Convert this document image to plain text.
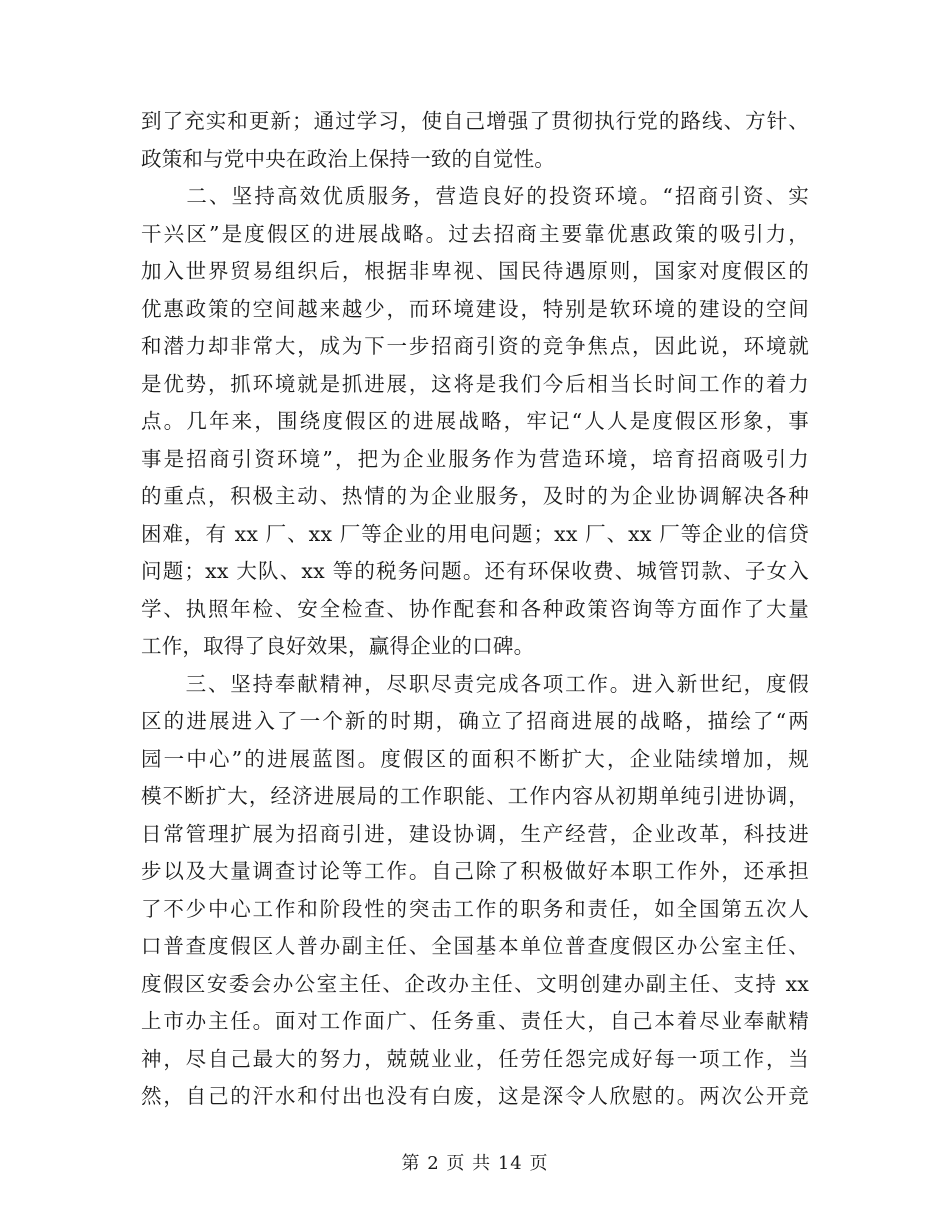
到了充实和更新；通过学习，使自己增强了贯彻执行党的路线、方针、
政策和与党中央在政治上保持一致的自觉性。
　　二、坚持高效优质服务，营造良好的投资环境。“招商引资、实
干兴区”是度假区的进展战略。过去招商主要靠优惠政策的吸引力，
加入世界贸易组织后，根据非卑视、国民待遇原则，国家对度假区的
优惠政策的空间越来越少，而环境建设，特别是软环境的建设的空间
和潜力却非常大，成为下一步招商引资的竞争焦点，因此说，环境就
是优势，抓环境就是抓进展，这将是我们今后相当长时间工作的着力
点。几年来，围绕度假区的进展战略，牢记“人人是度假区形象，事
事是招商引资环境”，把为企业服务作为营造环境，培育招商吸引力
的重点，积极主动、热情的为企业服务，及时的为企业协调解决各种
困难，有 xx 厂、xx 厂等企业的用电问题；xx 厂、xx 厂等企业的信贷
问题；xx 大队、xx 等的税务问题。还有环保收费、城管罚款、子女入
学、执照年检、安全检查、协作配套和各种政策咨询等方面作了大量
工作，取得了良好效果，赢得企业的口碑。
　　三、坚持奉献精神，尽职尽责完成各项工作。进入新世纪，度假
区的进展进入了一个新的时期，确立了招商进展的战略，描绘了“两
园一中心”的进展蓝图。度假区的面积不断扩大，企业陆续增加，规
模不断扩大，经济进展局的工作职能、工作内容从初期单纯引进协调，
日常管理扩展为招商引进，建设协调，生产经营，企业改革，科技进
步以及大量调查讨论等工作。自己除了积极做好本职工作外，还承担
了不少中心工作和阶段性的突击工作的职务和责任，如全国第五次人
口普查度假区人普办副主任、全国基本单位普查度假区办公室主任、
度假区安委会办公室主任、企改办主任、文明创建办副主任、支持 xx
上市办主任。面对工作面广、任务重、责任大，自己本着尽业奉献精
神，尽自己最大的努力，兢兢业业，任劳任怨完成好每一项工作，当
然，自己的汗水和付出也没有白废，这是深令人欣慰的。两次公开竞
第 2 页 共 14 页
